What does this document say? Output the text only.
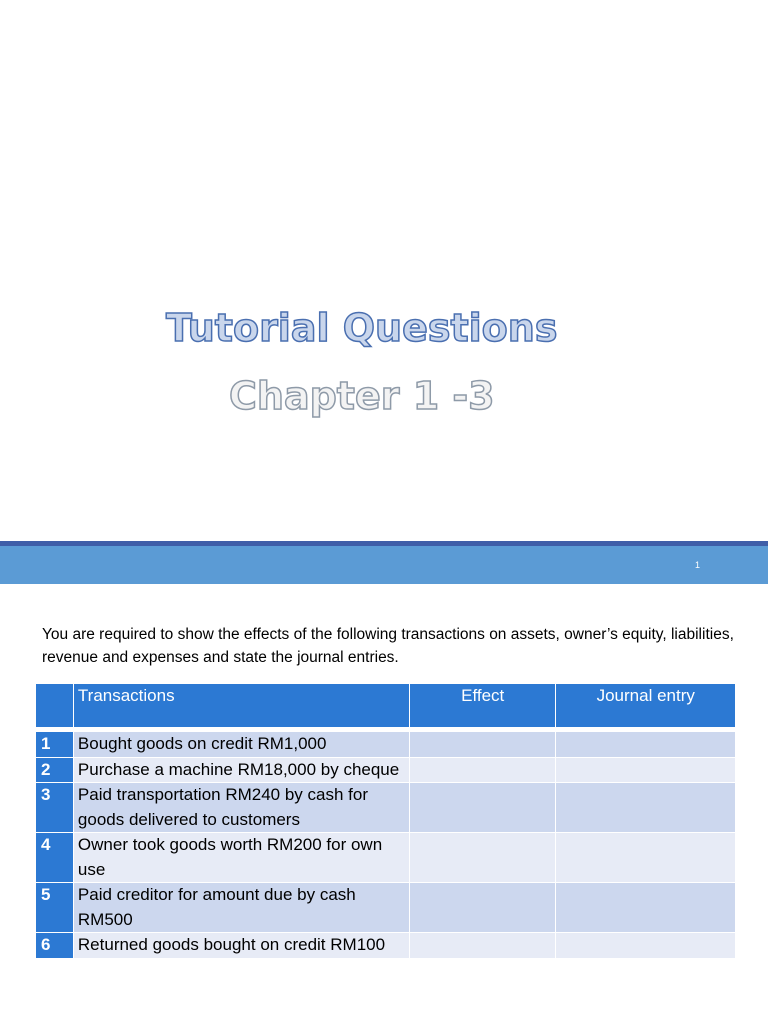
Tutorial Questions
Chapter 1 -3
1
You are required to show the effects of the following transactions on assets, owner’s equity, liabilities, revenue and expenses and state the journal entries.
	Transactions	Effect	Journal entry

1	Bought goods on credit RM1,000		
2	Purchase a machine RM18,000 by cheque		
3	Paid transportation RM240 by cash for goods delivered to customers		
4	Owner took goods worth RM200 for own use		
5	Paid creditor for amount due by cash RM500		
6	Returned goods bought on credit RM100		
